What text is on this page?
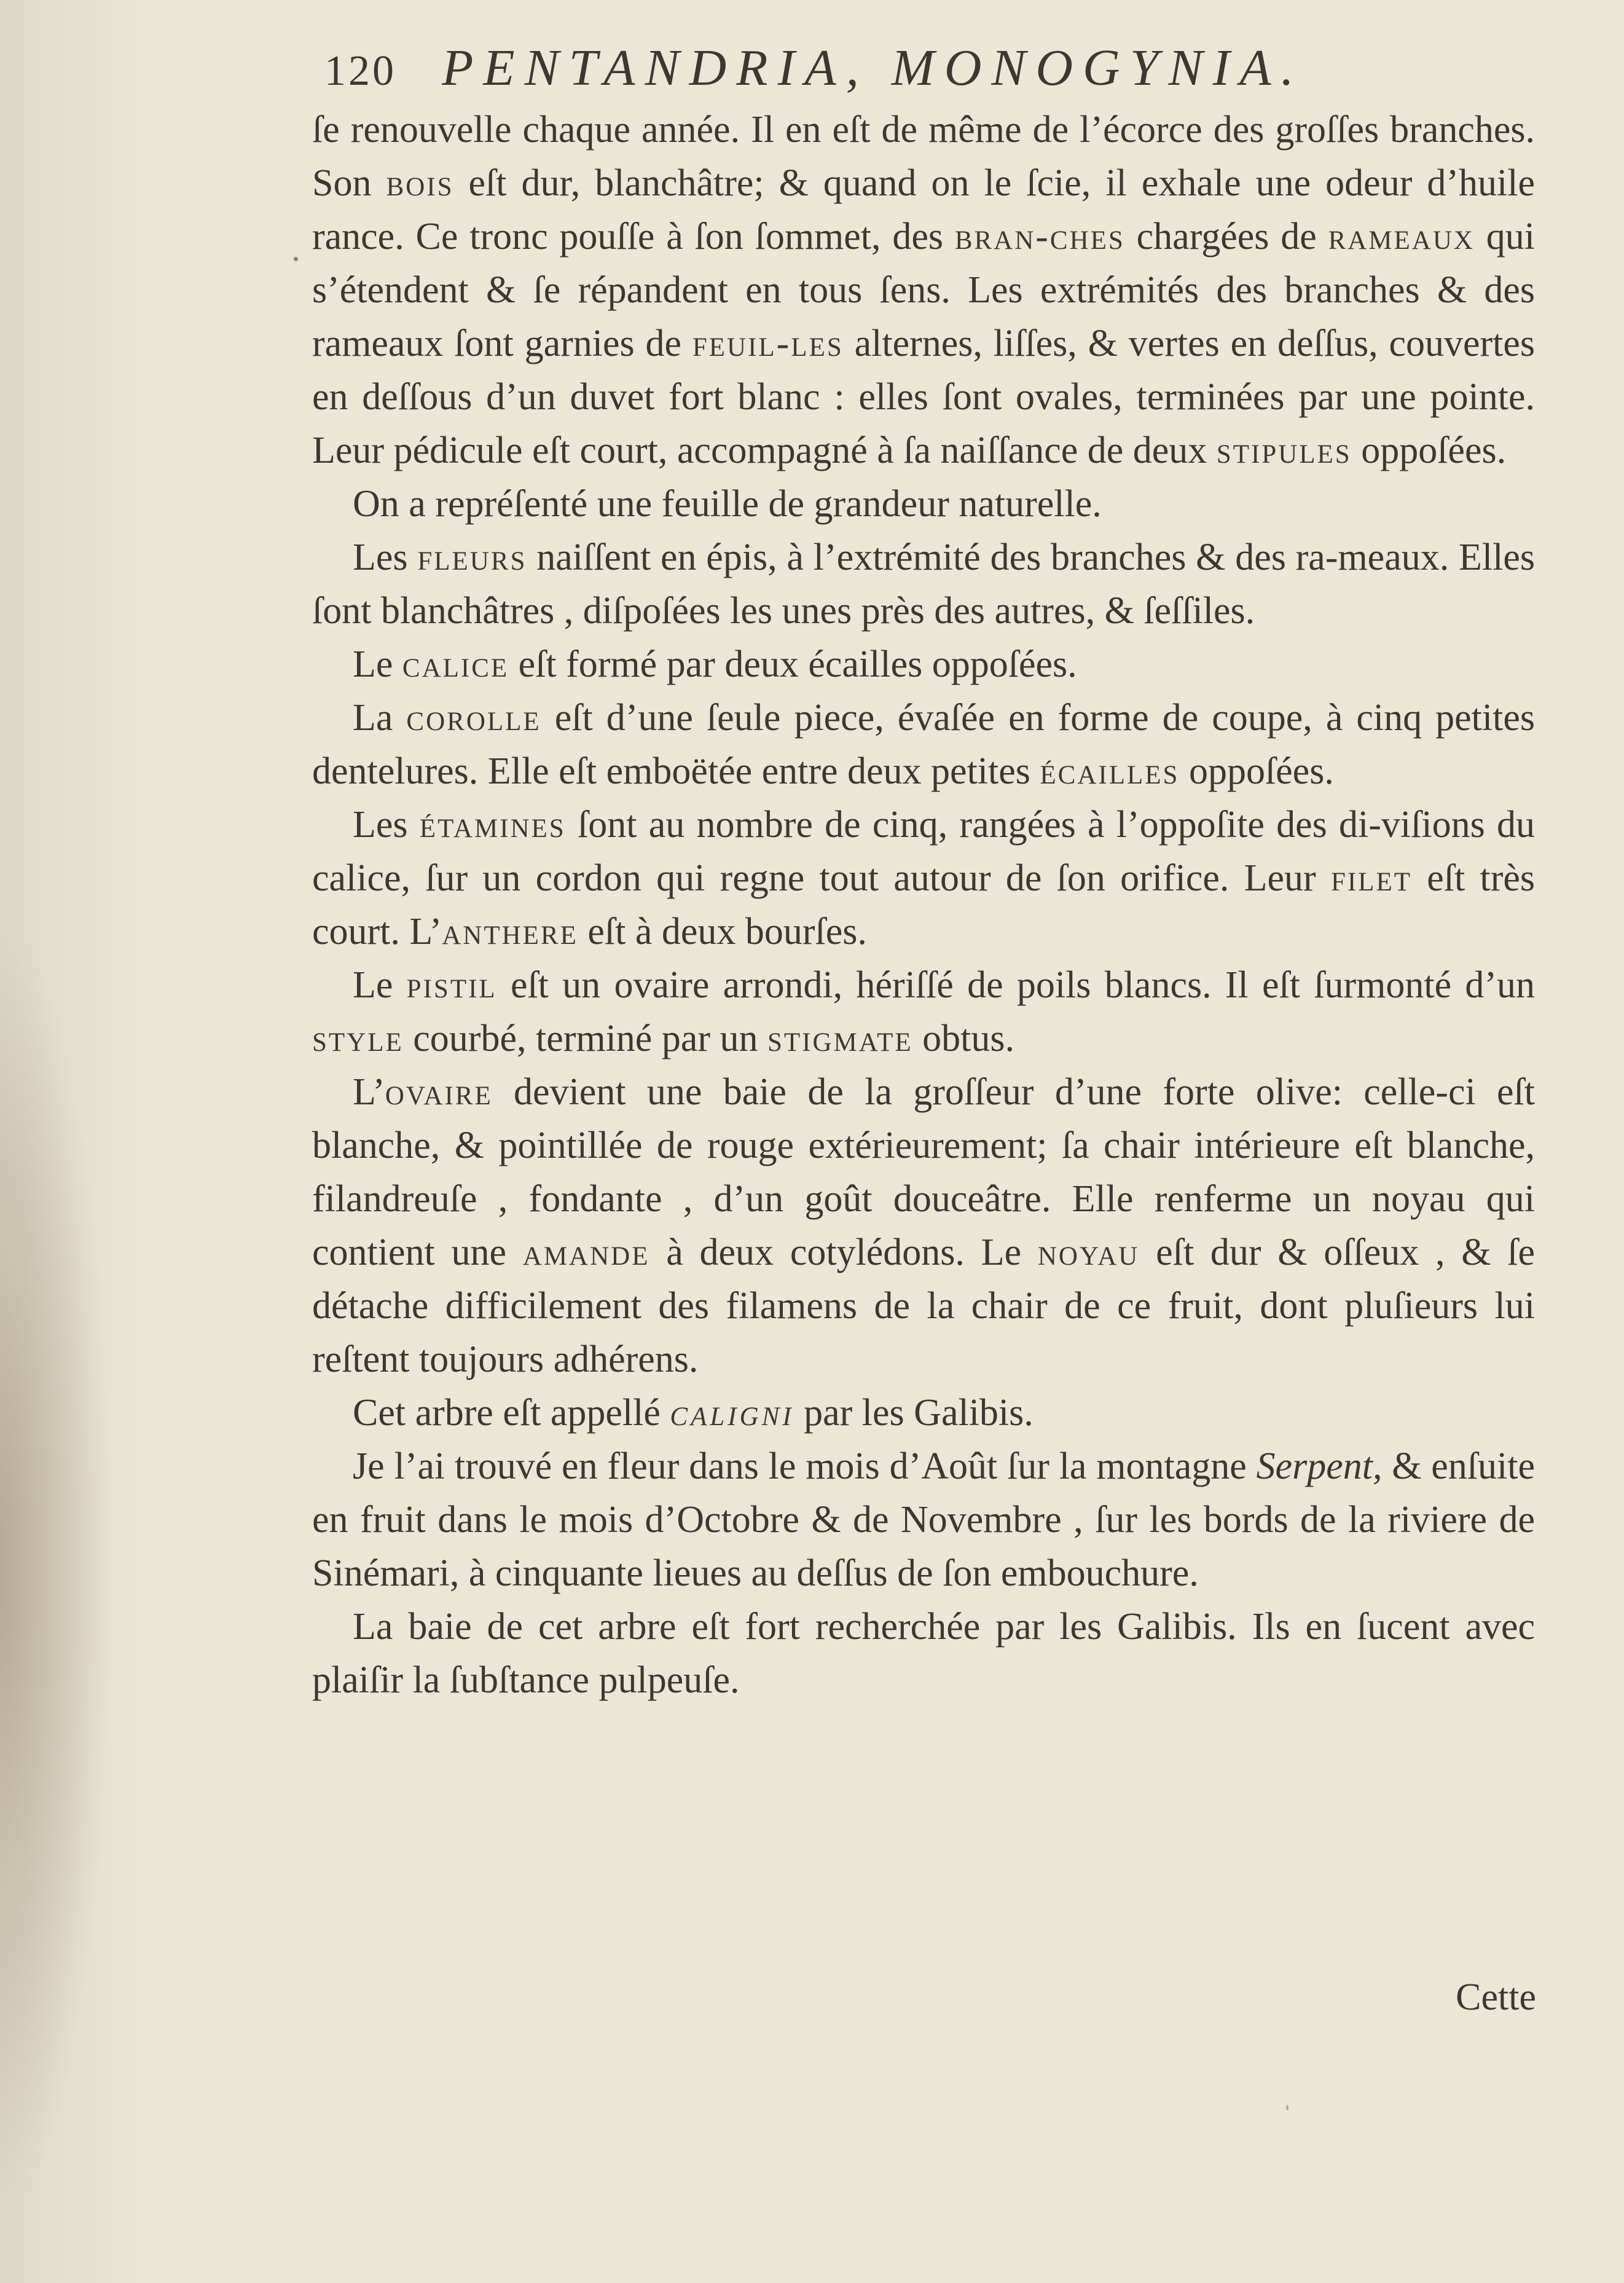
120 PENTANDRIA, MONOGYNIA.

ſe renouvelle chaque année. Il en eſt de même de l’écorce des groſſes branches. Son bois eſt dur, blanchâtre; & quand on le ſcie, il exhale une odeur d’huile rance. Ce tronc pouſſe à ſon ſommet, des bran-ches chargées de rameaux qui s’étendent & ſe répandent en tous ſens. Les extrémités des branches & des rameaux ſont garnies de feuil-les alternes, liſſes, & vertes en deſſus, couvertes en deſſous d’un duvet fort blanc : elles ſont ovales, terminées par une pointe. Leur pédicule eſt court, accompagné à ſa naiſſance de deux stipules oppoſées.

On a repréſenté une feuille de grandeur naturelle.

Les fleurs naiſſent en épis, à l’extrémité des branches & des ra-meaux. Elles ſont blanchâtres , diſpoſées les unes près des autres, & ſeſſiles.

Le calice eſt formé par deux écailles oppoſées.

La corolle eſt d’une ſeule piece, évaſée en forme de coupe, à cinq petites dentelures. Elle eſt emboëtée entre deux petites écailles oppoſées.

Les étamines ſont au nombre de cinq, rangées à l’oppoſite des di-viſions du calice, ſur un cordon qui regne tout autour de ſon orifice. Leur filet eſt très court. L’anthere eſt à deux bourſes.

Le pistil eſt un ovaire arrondi, hériſſé de poils blancs. Il eſt ſurmonté d’un style courbé, terminé par un stigmate obtus.

L’ovaire devient une baie de la groſſeur d’une forte olive: celle-ci eſt blanche, & pointillée de rouge extérieurement; ſa chair intérieure eſt blanche, filandreuſe , fondante , d’un goût douceâtre. Elle renferme un noyau qui contient une amande à deux cotylédons. Le noyau eſt dur & oſſeux , & ſe détache difficilement des filamens de la chair de ce fruit, dont pluſieurs lui reſtent toujours adhérens.

Cet arbre eſt appellé caligni par les Galibis.

Je l’ai trouvé en fleur dans le mois d’Août ſur la montagne Serpent, & enſuite en fruit dans le mois d’Octobre & de Novembre , ſur les bords de la riviere de Sinémari, à cinquante lieues au deſſus de ſon embouchure.

La baie de cet arbre eſt fort recherchée par les Galibis. Ils en ſucent avec plaiſir la ſubſtance pulpeuſe.

Cette
